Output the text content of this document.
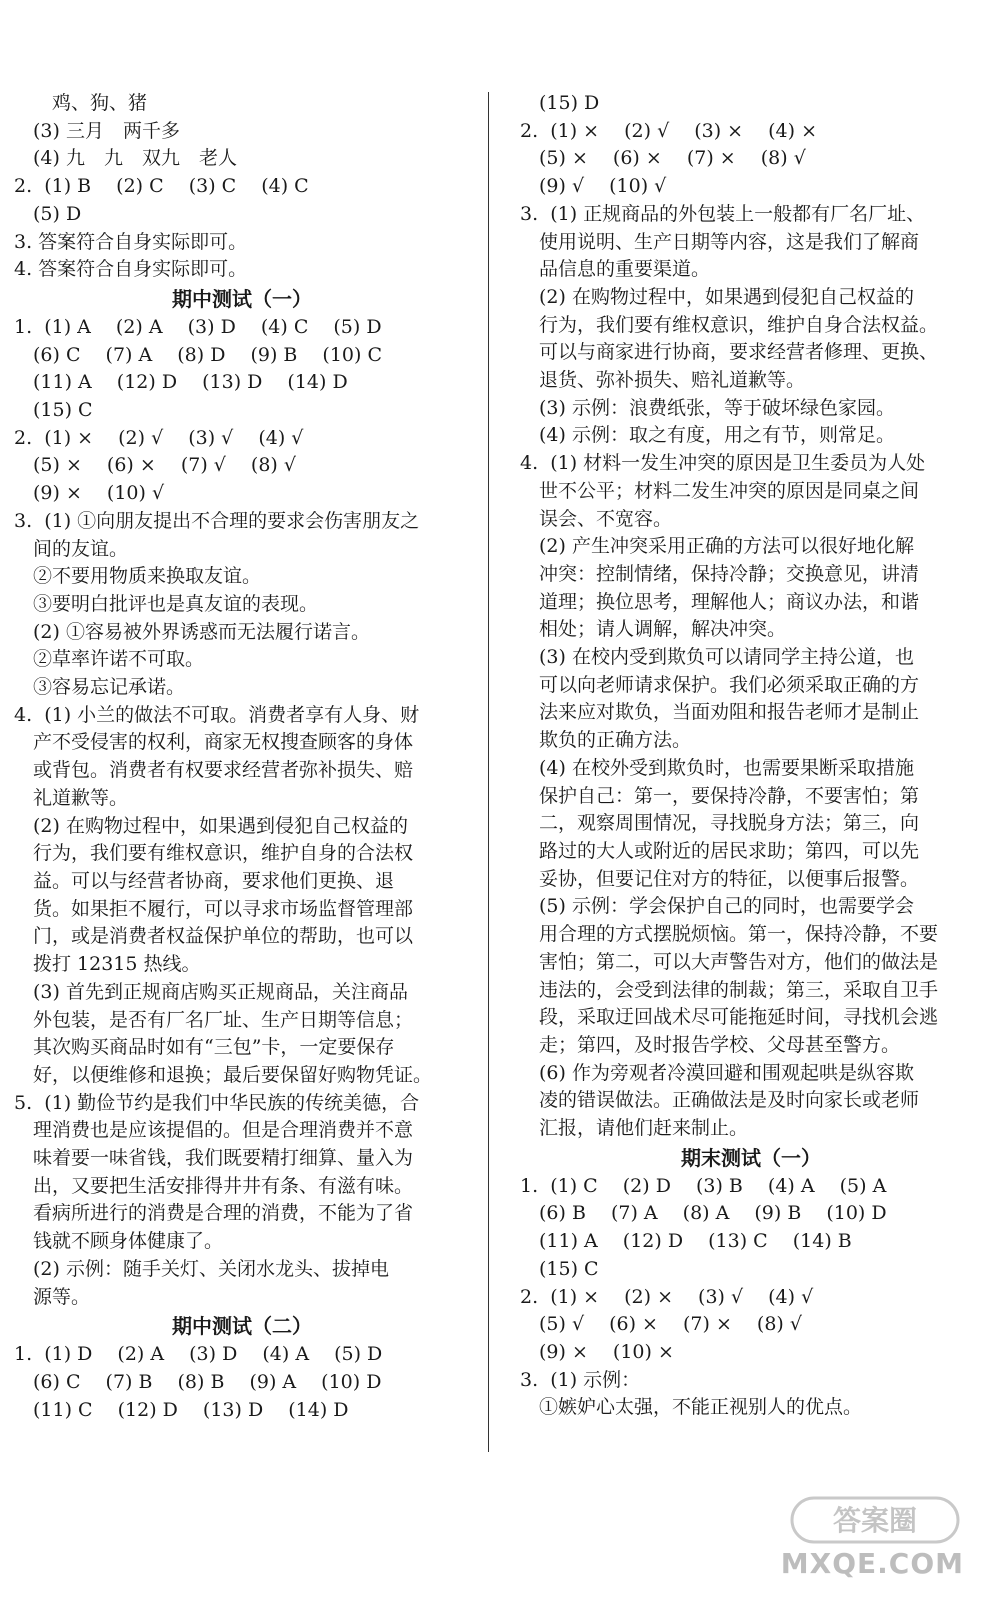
　　鸡、狗、猪
　(3) 三月　两千多
　(4) 九　九　双九　老人
2.  (1) B　 (2) C　 (3) C　 (4) C
　(5) D
3. 答案符合自身实际即可。
4. 答案符合自身实际即可。
期中测试（一）
1.  (1) A　 (2) A　 (3) D　 (4) C　 (5) D
　(6) C　 (7) A　 (8) D　 (9) B　 (10) C
　(11) A　 (12) D　 (13) D　 (14) D
　(15) C
2.  (1) ×　 (2) √　 (3) √　 (4) √
　(5) ×　 (6) ×　 (7) √　 (8) √
　(9) ×　 (10) √
3.  (1) ①向朋友提出不合理的要求会伤害朋友之
　间的友谊。
　②不要用物质来换取友谊。
　③要明白批评也是真友谊的表现。
　(2) ①容易被外界诱惑而无法履行诺言。
　②草率许诺不可取。
　③容易忘记承诺。
4.  (1) 小兰的做法不可取。消费者享有人身、财
　产不受侵害的权利，商家无权搜查顾客的身体
　或背包。消费者有权要求经营者弥补损失、赔
　礼道歉等。
　(2) 在购物过程中，如果遇到侵犯自己权益的
　行为，我们要有维权意识，维护自身的合法权
　益。可以与经营者协商，要求他们更换、退
　货。如果拒不履行，可以寻求市场监督管理部
　门，或是消费者权益保护单位的帮助，也可以
　拨打 12315 热线。
　(3) 首先到正规商店购买正规商品，关注商品
　外包装，是否有厂名厂址、生产日期等信息；
　其次购买商品时如有“三包”卡，一定要保存
　好，以便维修和退换；最后要保留好购物凭证。
5.  (1) 勤俭节约是我们中华民族的传统美德，合
　理消费也是应该提倡的。但是合理消费并不意
　味着要一味省钱，我们既要精打细算、量入为
　出，又要把生活安排得井井有条、有滋有味。
　看病所进行的消费是合理的消费，不能为了省
　钱就不顾身体健康了。
　(2) 示例：随手关灯、关闭水龙头、拔掉电
　源等。
期中测试（二）
1.  (1) D　 (2) A　 (3) D　 (4) A　 (5) D
　(6) C　 (7) B　 (8) B　 (9) A　 (10) D
　(11) C　 (12) D　 (13) D　 (14) D
　(15) D
2.  (1) ×　 (2) √　 (3) ×　 (4) ×
　(5) ×　 (6) ×　 (7) ×　 (8) √
　(9) √　 (10) √
3.  (1) 正规商品的外包装上一般都有厂名厂址、
　使用说明、生产日期等内容，这是我们了解商
　品信息的重要渠道。
　(2) 在购物过程中，如果遇到侵犯自己权益的
　行为，我们要有维权意识，维护自身合法权益。
　可以与商家进行协商，要求经营者修理、更换、
　退货、弥补损失、赔礼道歉等。
　(3) 示例：浪费纸张，等于破坏绿色家园。
　(4) 示例：取之有度，用之有节，则常足。
4.  (1) 材料一发生冲突的原因是卫生委员为人处
　世不公平；材料二发生冲突的原因是同桌之间
　误会、不宽容。
　(2) 产生冲突采用正确的方法可以很好地化解
　冲突：控制情绪，保持冷静；交换意见，讲清
　道理；换位思考，理解他人；商议办法，和谐
　相处；请人调解，解决冲突。
　(3) 在校内受到欺负可以请同学主持公道，也
　可以向老师请求保护。我们必须采取正确的方
　法来应对欺负，当面劝阻和报告老师才是制止
　欺负的正确方法。
　(4) 在校外受到欺负时，也需要果断采取措施
　保护自己：第一，要保持冷静，不要害怕；第
　二，观察周围情况，寻找脱身方法；第三，向
　路过的大人或附近的居民求助；第四，可以先
　妥协，但要记住对方的特征，以便事后报警。
　(5) 示例：学会保护自己的同时，也需要学会
　用合理的方式摆脱烦恼。第一，保持冷静，不要
　害怕；第二，可以大声警告对方，他们的做法是
　违法的，会受到法律的制裁；第三，采取自卫手
　段，采取迂回战术尽可能拖延时间，寻找机会逃
　走；第四，及时报告学校、父母甚至警方。
　(6) 作为旁观者冷漠回避和围观起哄是纵容欺
　凌的错误做法。正确做法是及时向家长或老师
　汇报，请他们赶来制止。
期末测试（一）
1.  (1) C　 (2) D　 (3) B　 (4) A　 (5) A
　(6) B　 (7) A　 (8) A　 (9) B　 (10) D
　(11) A　 (12) D　 (13) C　 (14) B
　(15) C
2.  (1) ×　 (2) ×　 (3) √　 (4) √
　(5) √　 (6) ×　 (7) ×　 (8) √
　(9) ×　 (10) ×
3.  (1) 示例：
　①嫉妒心太强，不能正视别人的优点。
答案圈
MXQE.COM
